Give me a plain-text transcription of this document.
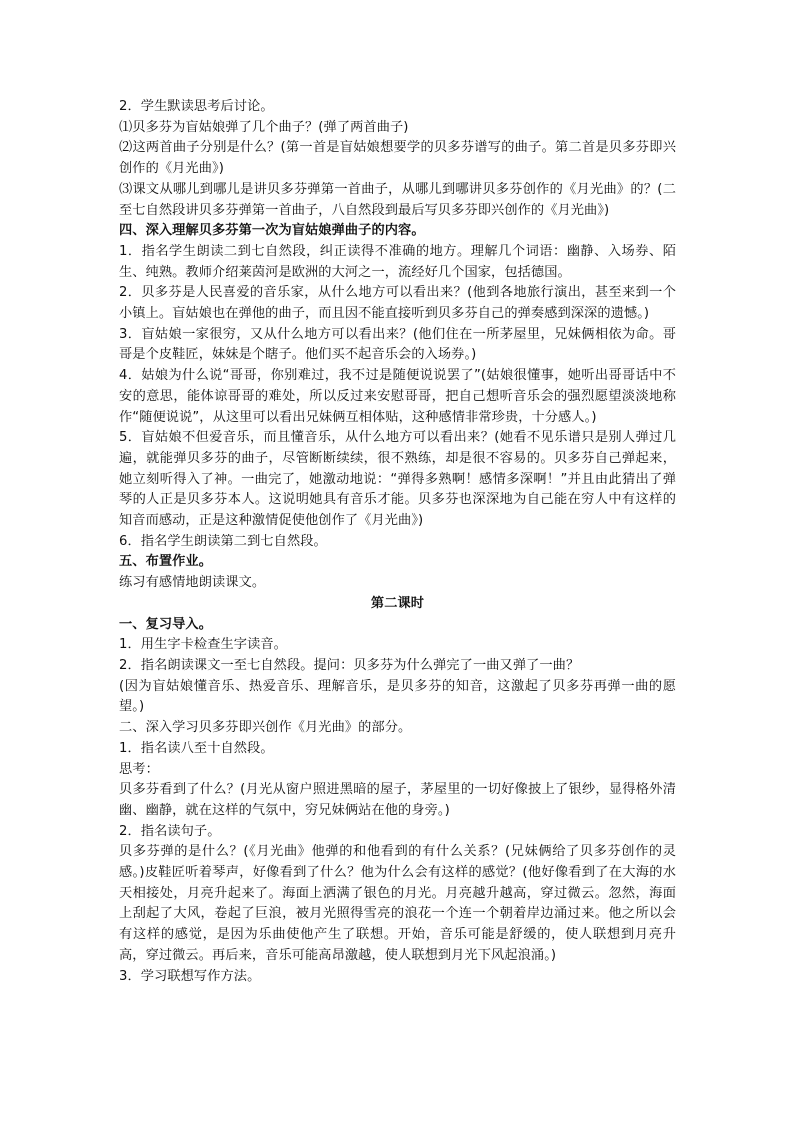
2．学生默读思考后讨论。

⑴贝多芬为盲姑娘弹了几个曲子？(弹了两首曲子)

⑵这两首曲子分别是什么？(第一首是盲姑娘想要学的贝多芬谱写的曲子。第二首是贝多芬即兴创作的《月光曲》)

⑶课文从哪儿到哪儿是讲贝多芬弹第一首曲子，从哪儿到哪讲贝多芬创作的《月光曲》的？(二至七自然段讲贝多芬弹第一首曲子，八自然段到最后写贝多芬即兴创作的《月光曲》)

四、深入理解贝多芬第一次为盲姑娘弹曲子的内容。

1．指名学生朗读二到七自然段，纠正读得不准确的地方。理解几个词语：幽静、入场券、陌生、纯熟。教师介绍莱茵河是欧洲的大河之一，流经好几个国家，包括德国。

2．贝多芬是人民喜爱的音乐家，从什么地方可以看出来？(他到各地旅行演出，甚至来到一个小镇上。盲姑娘也在弹他的曲子，而且因不能直接听到贝多芬自己的弹奏感到深深的遗憾。)

3．盲姑娘一家很穷，又从什么地方可以看出来？(他们住在一所茅屋里，兄妹俩相依为命。哥哥是个皮鞋匠，妹妹是个瞎子。他们买不起音乐会的入场券。)

4．姑娘为什么说“哥哥，你别难过，我不过是随便说说罢了”(姑娘很懂事，她听出哥哥话中不安的意思，能体谅哥哥的难处，所以反过来安慰哥哥，把自己想听音乐会的强烈愿望淡淡地称作“随便说说”，从这里可以看出兄妹俩互相体贴，这种感情非常珍贵，十分感人。)

5．盲姑娘不但爱音乐，而且懂音乐，从什么地方可以看出来？(她看不见乐谱只是别人弹过几遍，就能弹贝多芬的曲子，尽管断断续续，很不熟练，却是很不容易的。贝多芬自己弹起来，她立刻听得入了神。一曲完了，她激动地说：“弹得多熟啊！感情多深啊！”并且由此猜出了弹琴的人正是贝多芬本人。这说明她具有音乐才能。贝多芬也深深地为自己能在穷人中有这样的知音而感动，正是这种激情促使他创作了《月光曲》)

6．指名学生朗读第二到七自然段。

五、布置作业。

练习有感情地朗读课文。

第二课时

一、复习导入。

1．用生字卡检查生字读音。

2．指名朗读课文一至七自然段。提问：贝多芬为什么弹完了一曲又弹了一曲？

(因为盲姑娘懂音乐、热爱音乐、理解音乐，是贝多芬的知音，这激起了贝多芬再弹一曲的愿望。)

二、深入学习贝多芬即兴创作《月光曲》的部分。

1．指名读八至十自然段。

思考：

贝多芬看到了什么？(月光从窗户照进黑暗的屋子，茅屋里的一切好像披上了银纱，显得格外清幽、幽静，就在这样的气氛中，穷兄妹俩站在他的身旁。)

2．指名读句子。

贝多芬弹的是什么？(《月光曲》他弹的和他看到的有什么关系？(兄妹俩给了贝多芬创作的灵感。)皮鞋匠听着琴声，好像看到了什么？他为什么会有这样的感觉？(他好像看到了在大海的水天相接处，月亮升起来了。海面上洒满了银色的月光。月亮越升越高，穿过微云。忽然，海面上刮起了大风，卷起了巨浪，被月光照得雪亮的浪花一个连一个朝着岸边涌过来。他之所以会有这样的感觉，是因为乐曲使他产生了联想。开始，音乐可能是舒缓的，使人联想到月亮升高，穿过微云。再后来，音乐可能高昂激越，使人联想到月光下风起浪涌。)

3．学习联想写作方法。
